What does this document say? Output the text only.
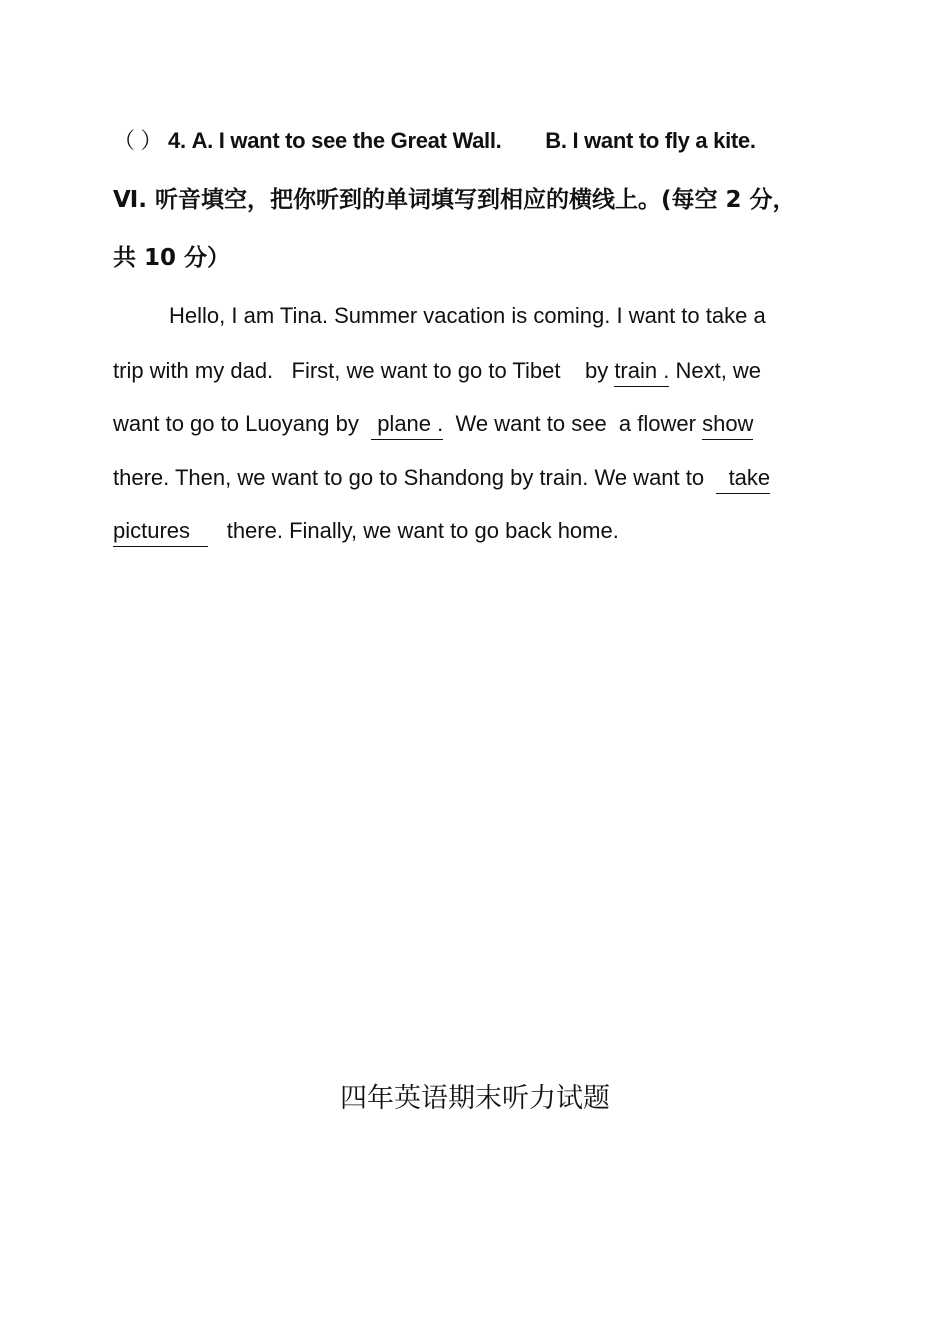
（ ） 4. A. I want to see the Great Wall. B. I want to fly a kite.
Ⅵ. 听音填空，把你听到的单词填写到相应的横线上。(每空 2 分，
共 10 分）
Hello, I am Tina. Summer vacation is coming. I want to take a
trip with my dad.   First, we want to go to Tibet    by train . Next, we
want to go to Luoyang by   plane .  We want to see  a flower show
there. Then, we want to go to Shandong by train. We want to    take
pictures      there. Finally, we want to go back home.
四年英语期末听力试题
